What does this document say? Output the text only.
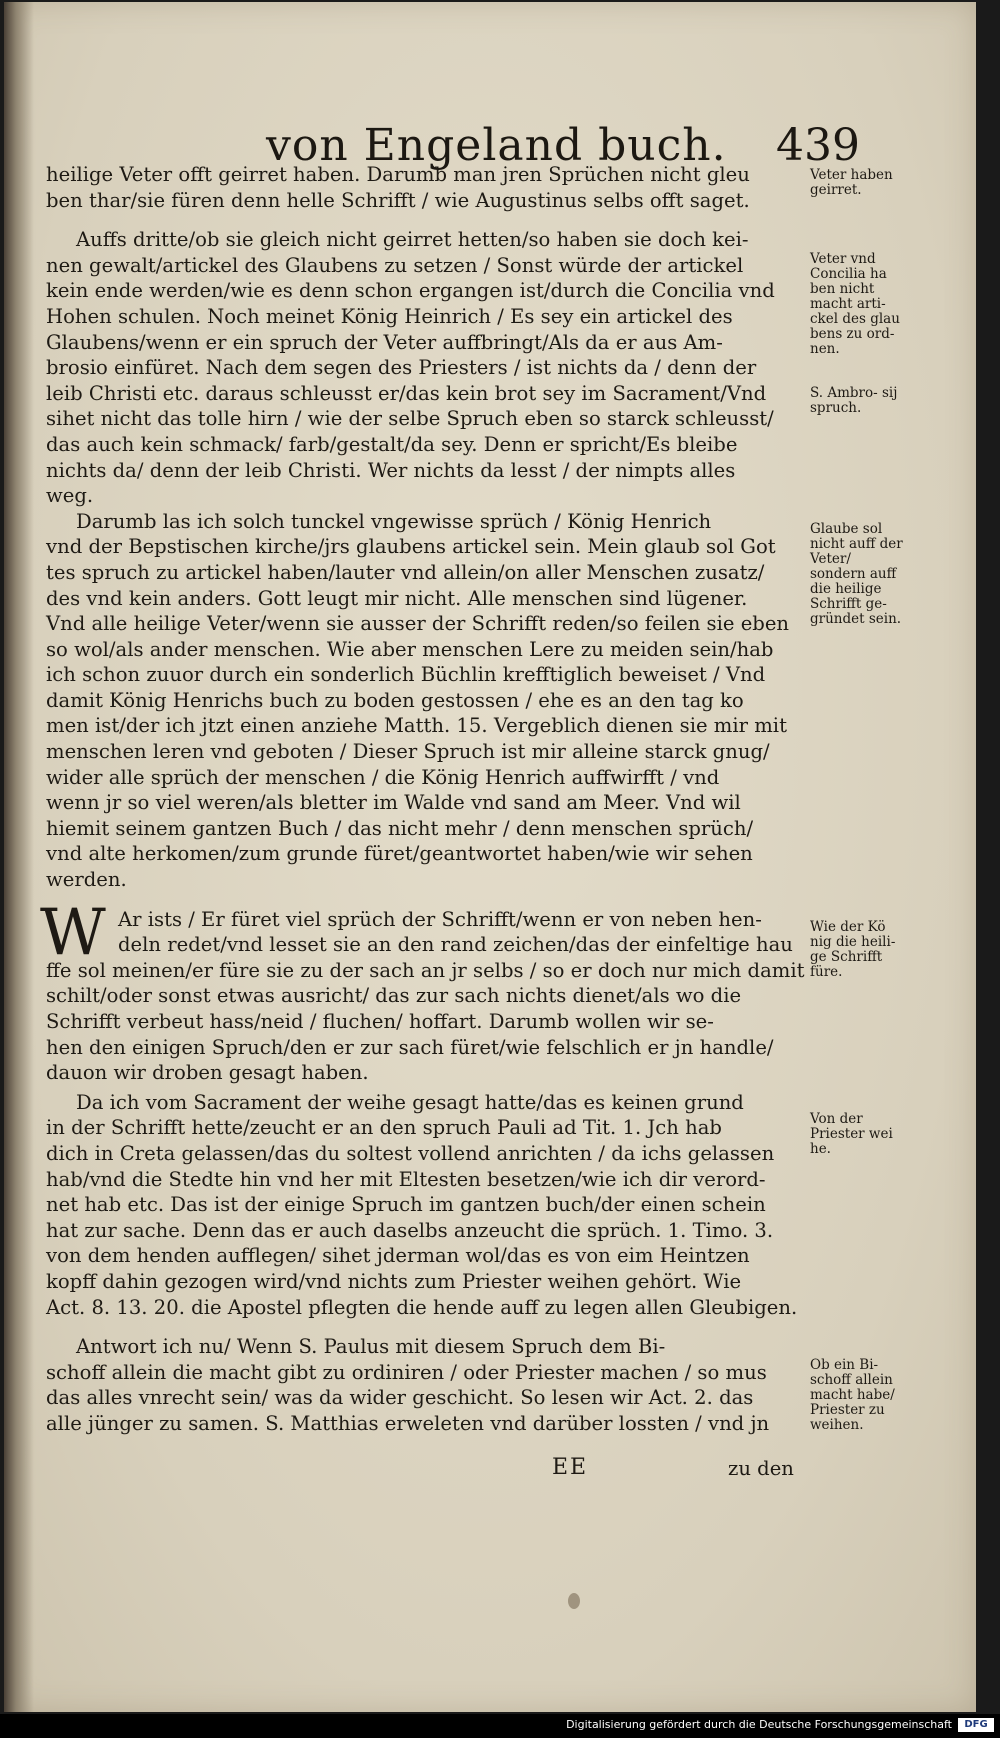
von Engeland buch. 439
heilige Veter offt geirret haben. Darumb man jren Sprüchen nicht gleu
ben thar/sie füren denn helle Schrifft / wie Augustinus selbs offt saget.
Auffs dritte/ob sie gleich nicht geirret hetten/so haben sie doch kei‑
nen gewalt/artickel des Glaubens zu setzen / Sonst würde der artickel
kein ende werden/wie es denn schon ergangen ist/durch die Concilia vnd
Hohen schulen. Noch meinet König Heinrich / Es sey ein artickel des
Glaubens/wenn er ein spruch der Veter auffbringt/Als da er aus Am‑
brosio einfüret. Nach dem segen des Priesters / ist nichts da / denn der
leib Christi etc. daraus schleusst er/das kein brot sey im Sacrament/Vnd
sihet nicht das tolle hirn / wie der selbe Spruch eben so starck schleusst/
das auch kein schmack/ farb/gestalt/da sey. Denn er spricht/Es bleibe
nichts da/ denn der leib Christi. Wer nichts da lesst / der nimpts alles
weg.
Darumb las ich solch tunckel vngewisse sprüch / König Henrich
vnd der Bepstischen kirche/jrs glaubens artickel sein. Mein glaub sol Got
tes spruch zu artickel haben/lauter vnd allein/on aller Menschen zusatz/
des vnd kein anders. Gott leugt mir nicht. Alle menschen sind lügener.
Vnd alle heilige Veter/wenn sie ausser der Schrifft reden/so feilen sie eben
so wol/als ander menschen. Wie aber menschen Lere zu meiden sein/hab
ich schon zuuor durch ein sonderlich Büchlin krefftiglich beweiset / Vnd
damit König Henrichs buch zu boden gestossen / ehe es an den tag ko
men ist/der ich jtzt einen anziehe Matth. 15. Vergeblich dienen sie mir mit
menschen leren vnd geboten / Dieser Spruch ist mir alleine starck gnug/
wider alle sprüch der menschen / die König Henrich auffwirfft / vnd
wenn jr so viel weren/als bletter im Walde vnd sand am Meer. Vnd wil
hiemit seinem gantzen Buch / das nicht mehr / denn menschen sprüch/
vnd alte herkomen/zum grunde füret/geantwortet haben/wie wir sehen
werden.
W Ar ists / Er füret viel sprüch der Schrifft/wenn er von neben hen‑
deln redet/vnd lesset sie an den rand zeichen/das der einfeltige hau
ffe sol meinen/er füre sie zu der sach an jr selbs / so er doch nur mich damit
schilt/oder sonst etwas ausricht/ das zur sach nichts dienet/als wo die
Schrifft verbeut hass/neid / fluchen/ hoffart. Darumb wollen wir se‑
hen den einigen Spruch/den er zur sach füret/wie felschlich er jn handle/
dauon wir droben gesagt haben.
Da ich vom Sacrament der weihe gesagt hatte/das es keinen grund
in der Schrifft hette/zeucht er an den spruch Pauli ad Tit. 1. Jch hab
dich in Creta gelassen/das du soltest vollend anrichten / da ichs gelassen
hab/vnd die Stedte hin vnd her mit Eltesten besetzen/wie ich dir verord‑
net hab etc. Das ist der einige Spruch im gantzen buch/der einen schein
hat zur sache. Denn das er auch daselbs anzeucht die sprüch. 1. Timo. 3.
von dem henden aufflegen/ sihet jderman wol/das es von eim Heintzen
kopff dahin gezogen wird/vnd nichts zum Priester weihen gehört. Wie
Act. 8. 13. 20. die Apostel pflegten die hende auff zu legen allen Gleubigen.
Antwort ich nu/ Wenn S. Paulus mit diesem Spruch dem Bi‑
schoff allein die macht gibt zu ordiniren / oder Priester machen / so mus
das alles vnrecht sein/ was da wider geschicht. So lesen wir Act. 2. das
alle jünger zu samen. S. Matthias erweleten vnd darüber lossten / vnd jn
Veter haben geirret.
Veter vnd Concilia ha ben nicht macht arti‑ ckel des glau bens zu ord‑ nen.
S. Ambro‑ sij spruch.
Glaube sol nicht auff der Veter/ sondern auff die heilige Schrifft ge‑ gründet sein.
Wie der Kö nig die heili‑ ge Schrifft füre.
Von der Priester wei he.
Ob ein Bi‑ schoff allein macht habe/ Priester zu weihen.
EE	zu den
Digitalisierung gefördert durch die Deutsche Forschungsgemeinschaft	DFG
